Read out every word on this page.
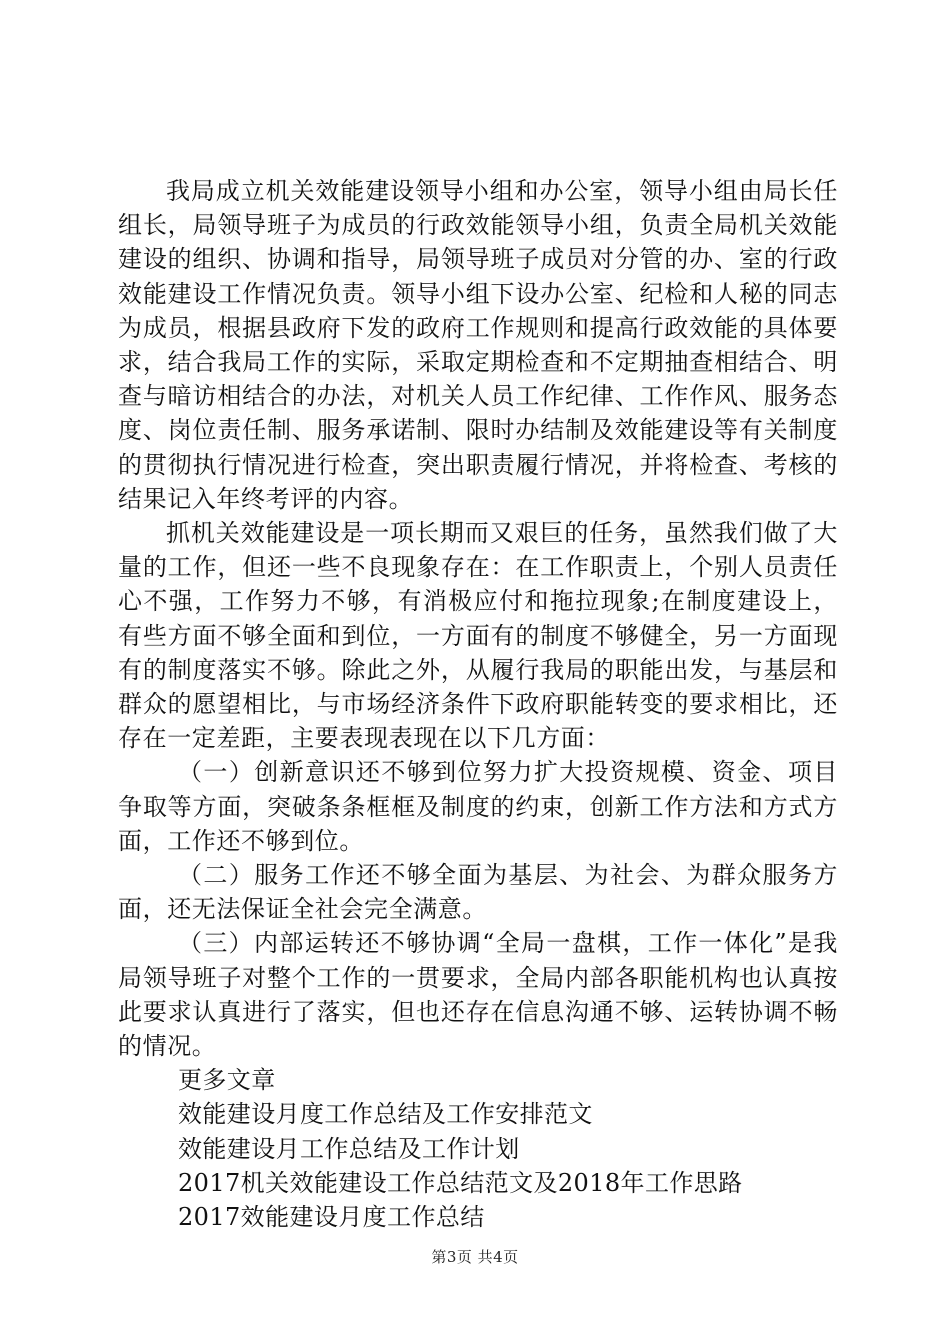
我局成立机关效能建设领导小组和办公室，领导小组由局长任组长，局领导班子为成员的行政效能领导小组，负责全局机关效能建设的组织、协调和指导，局领导班子成员对分管的办、室的行政效能建设工作情况负责。领导小组下设办公室、纪检和人秘的同志为成员，根据县政府下发的政府工作规则和提高行政效能的具体要求，结合我局工作的实际，采取定期检查和不定期抽查相结合、明查与暗访相结合的办法，对机关人员工作纪律、工作作风、服务态度、岗位责任制、服务承诺制、限时办结制及效能建设等有关制度的贯彻执行情况进行检查，突出职责履行情况，并将检查、考核的结果记入年终考评的内容。

抓机关效能建设是一项长期而又艰巨的任务，虽然我们做了大量的工作，但还一些不良现象存在：在工作职责上，个别人员责任心不强，工作努力不够，有消极应付和拖拉现象;在制度建设上，有些方面不够全面和到位，一方面有的制度不够健全，另一方面现有的制度落实不够。除此之外，从履行我局的职能出发，与基层和群众的愿望相比，与市场经济条件下政府职能转变的要求相比，还存在一定差距，主要表现表现在以下几方面：

（一）创新意识还不够到位努力扩大投资规模、资金、项目争取等方面，突破条条框框及制度的约束，创新工作方法和方式方面，工作还不够到位。

（二）服务工作还不够全面为基层、为社会、为群众服务方面，还无法保证全社会完全满意。

（三）内部运转还不够协调“全局一盘棋，工作一体化”是我局领导班子对整个工作的一贯要求，全局内部各职能机构也认真按此要求认真进行了落实，但也还存在信息沟通不够、运转协调不畅的情况。

更多文章
效能建设月度工作总结及工作安排范文
效能建设月工作总结及工作计划
2017机关效能建设工作总结范文及2018年工作思路
2017效能建设月度工作总结
第3页 共4页
